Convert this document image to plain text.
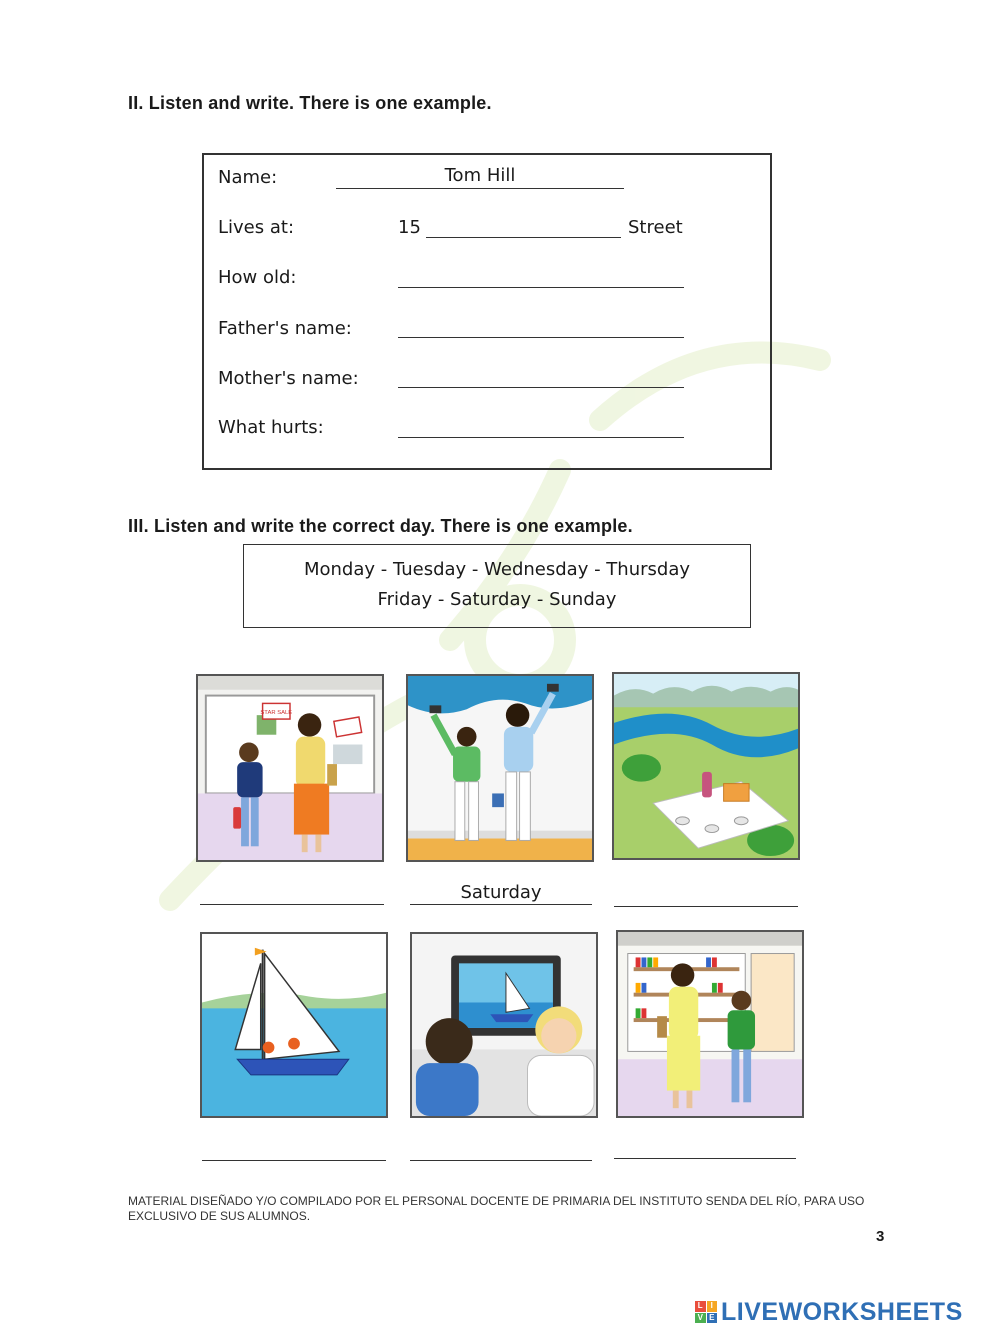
II. Listen and write. There is one example.
Name:	Tom Hill
Lives at:	15	Street
How old:
Father's name:
Mother's name:
What hurts:
III. Listen and write the correct day. There is one example.
Monday - Tuesday - Wednesday - Thursday
Friday - Saturday - Sunday
STAR SALE
Saturday
MATERIAL DISEÑADO Y/O COMPILADO POR EL PERSONAL DOCENTE DE PRIMARIA DEL INSTITUTO SENDA DEL RÍO, PARA USO EXCLUSIVO DE SUS ALUMNOS.
3
L I
V E LIVEWORKSHEETS
